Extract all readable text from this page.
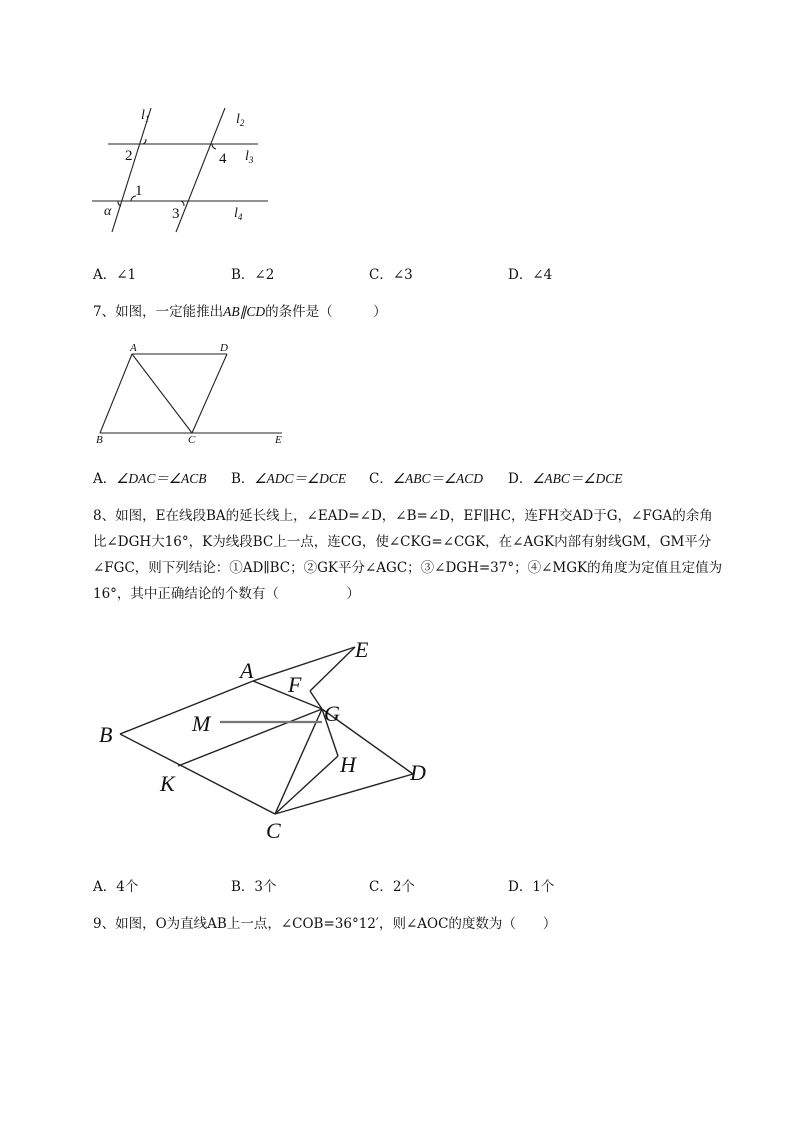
$l_1$	$l_2$
$l_3$
$l_4$
α
2	4
1
3
A．∠1	B．∠2	C．∠3	D．∠4
7、如图，一定能推出AB∥CD的条件是（　　　）
A	D
B	C	E
A．∠DAC＝∠ACB B．∠ADC＝∠DCE C．∠ABC＝∠ACD D．∠ABC＝∠DCE
8、如图，E在线段BA的延长线上，∠EAD=∠D，∠B=∠D，EF∥HC，连FH交AD于G，∠FGA的余角
比∠DGH大16°，K为线段BC上一点，连CG，使∠CKG=∠CGK，在∠AGK内部有射线GM，GM平分
∠FGC，则下列结论：①AD∥BC；②GK平分∠AGC；③∠DGH=37°；④∠MGK的角度为定值且定值为
16°，其中正确结论的个数有（　　　　　）
A
E
F
G
M
B
H D
K
C
A．4个	B．3个	C．2个	D．1个
9、如图，O为直线AB上一点，∠COB=36°12′，则∠AOC的度数为（　　）
